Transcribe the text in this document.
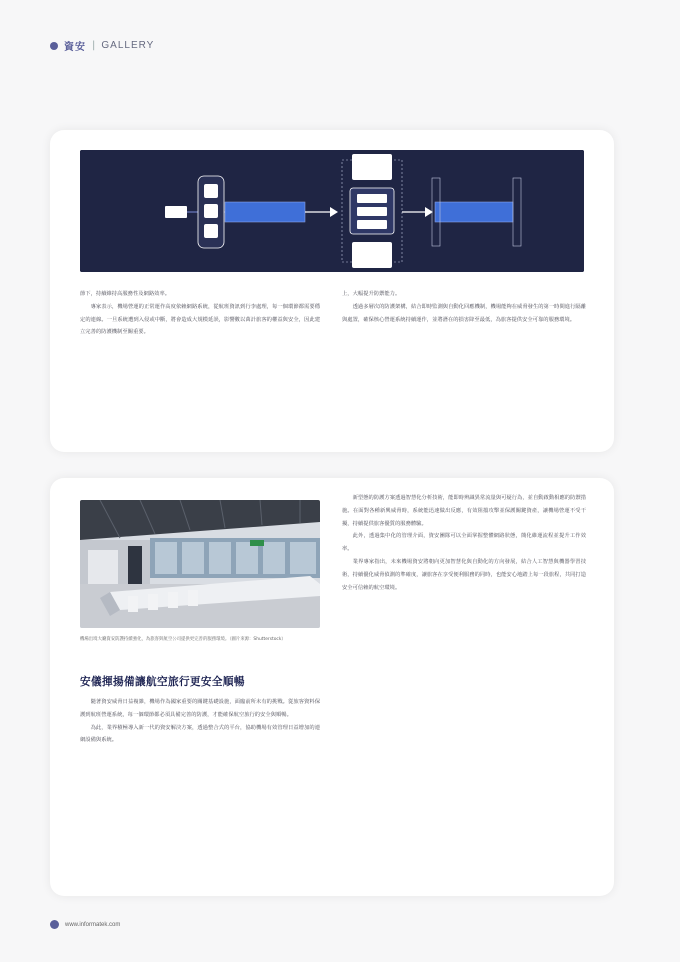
資安 | GALLERY

節下，持續維持高服務性及網路效率。

專家表示，機場營運的正常運作高度依賴網路系統，從航班資訊到行李處理，每一個環節都需要穩定的連線。一旦系統遭到入侵或中斷，將會造成大規模延誤，影響數以萬計旅客的權益與安全，因此建立完善的防護機制至關重要。

上，大幅提升防禦能力。

透過多層次的防護架構，結合即時監測與自動化回應機制，機場能夠在威脅發生的第一時間進行隔離與處置，確保核心營運系統持續運作，並將潛在的損害降至最低，為旅客提供安全可靠的服務環境。

機場出境大廳資安防護持續強化，為旅客與航空公司提供更完善的服務環境。（圖片來源：Shutterstock）
安儀揮揚備讓航空旅行更安全順暢

隨著資安威脅日益複雜，機場作為國家重要的關鍵基礎設施，面臨前所未有的挑戰。從旅客資料保護到航班營運系統，每一個環節都必須具備完善的防護，才能確保航空旅行的安全與順暢。

為此，業界積極導入新一代的資安解決方案，透過整合式的平台，協助機場有效管理日益增加的連網設備與系統。

新型態的防護方案透過智慧化分析技術，能即時辨識異常流量與可疑行為，並自動啟動相應的防禦措施。在面對各種新興威脅時，系統能迅速做出反應，有效阻擋攻擊並保護關鍵資產，讓機場營運不受干擾，持續提供旅客優質的服務體驗。

此外，透過集中化的管理介面，資安團隊可以全面掌握整體網路狀態，簡化維運流程並提升工作效率。

業界專家指出，未來機場資安將朝向更加智慧化與自動化的方向發展，結合人工智慧與機器學習技術，持續優化威脅偵測的準確度，讓旅客在享受便利服務的同時，也能安心地踏上每一段旅程，共同打造安全可信賴的航空環境。

www.informatek.com
